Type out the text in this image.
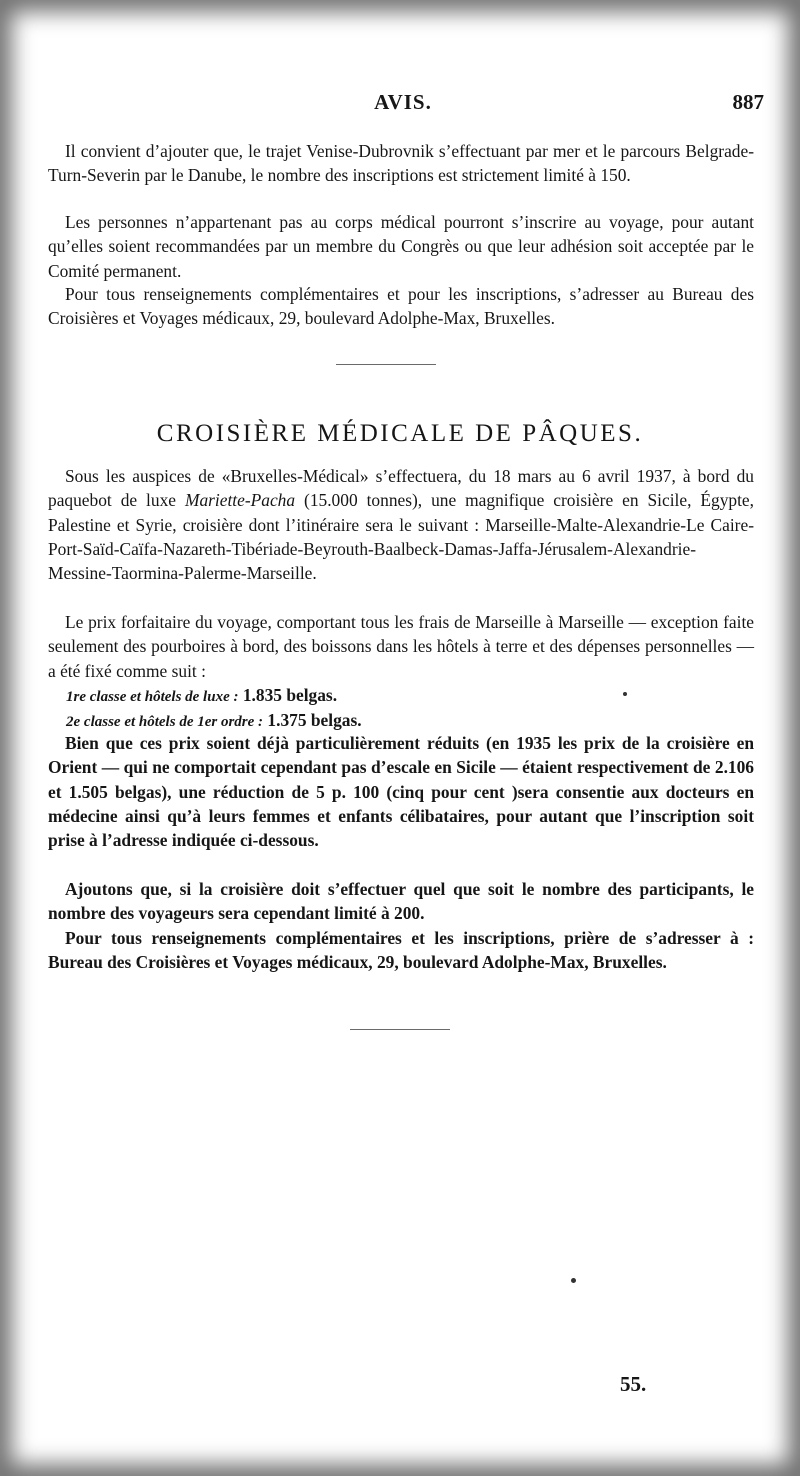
AVIS.	887

Il convient d’ajouter que, le trajet Venise-Dubrovnik s’effectuant par mer et le parcours Belgrade-Turn-Severin par le Danube, le nombre des inscriptions est strictement limité à 150.

Les personnes n’appartenant pas au corps médical pourront s’inscrire au voyage, pour autant qu’elles soient recommandées par un membre du Congrès ou que leur adhésion soit acceptée par le Comité permanent.

Pour tous renseignements complémentaires et pour les inscriptions, s’adresser au Bureau des Croisières et Voyages médicaux, 29, boulevard Adolphe-Max, Bruxelles.

CROISIÈRE MÉDICALE DE PÂQUES.

Sous les auspices de «Bruxelles-Médical» s’effectuera, du 18 mars au 6 avril 1937, à bord du paquebot de luxe Mariette-Pacha (15.000 tonnes), une magnifique croisière en Sicile, Égypte, Palestine et Syrie, croisière dont l’itinéraire sera le suivant : Marseille-Malte-Alexandrie-Le Caire-Port-Saïd-Caïfa-Nazareth-Tibériade-Beyrouth-Baalbeck-Damas-Jaffa-Jérusalem-Alexandrie-Messine-Taormina-Palerme-Marseille.

Le prix forfaitaire du voyage, comportant tous les frais de Marseille à Marseille — exception faite seulement des pourboires à bord, des boissons dans les hôtels à terre et des dépenses personnelles — a été fixé comme suit :

1re classe et hôtels de luxe : 1.835 belgas.

2e classe et hôtels de 1er ordre : 1.375 belgas.

Bien que ces prix soient déjà particulièrement réduits (en 1935 les prix de la croisière en Orient — qui ne comportait cependant pas d’escale en Sicile — étaient respectivement de 2.106 et 1.505 belgas), une réduction de 5 p. 100 (cinq pour cent )sera consentie aux docteurs en médecine ainsi qu’à leurs femmes et enfants célibataires, pour autant que l’inscription soit prise à l’adresse indiquée ci-dessous.

Ajoutons que, si la croisière doit s’effectuer quel que soit le nombre des participants, le nombre des voyageurs sera cependant limité à 200.

Pour tous renseignements complémentaires et les inscriptions, prière de s’adresser à : Bureau des Croisières et Voyages médicaux, 29, boulevard Adolphe-Max, Bruxelles.

55.
